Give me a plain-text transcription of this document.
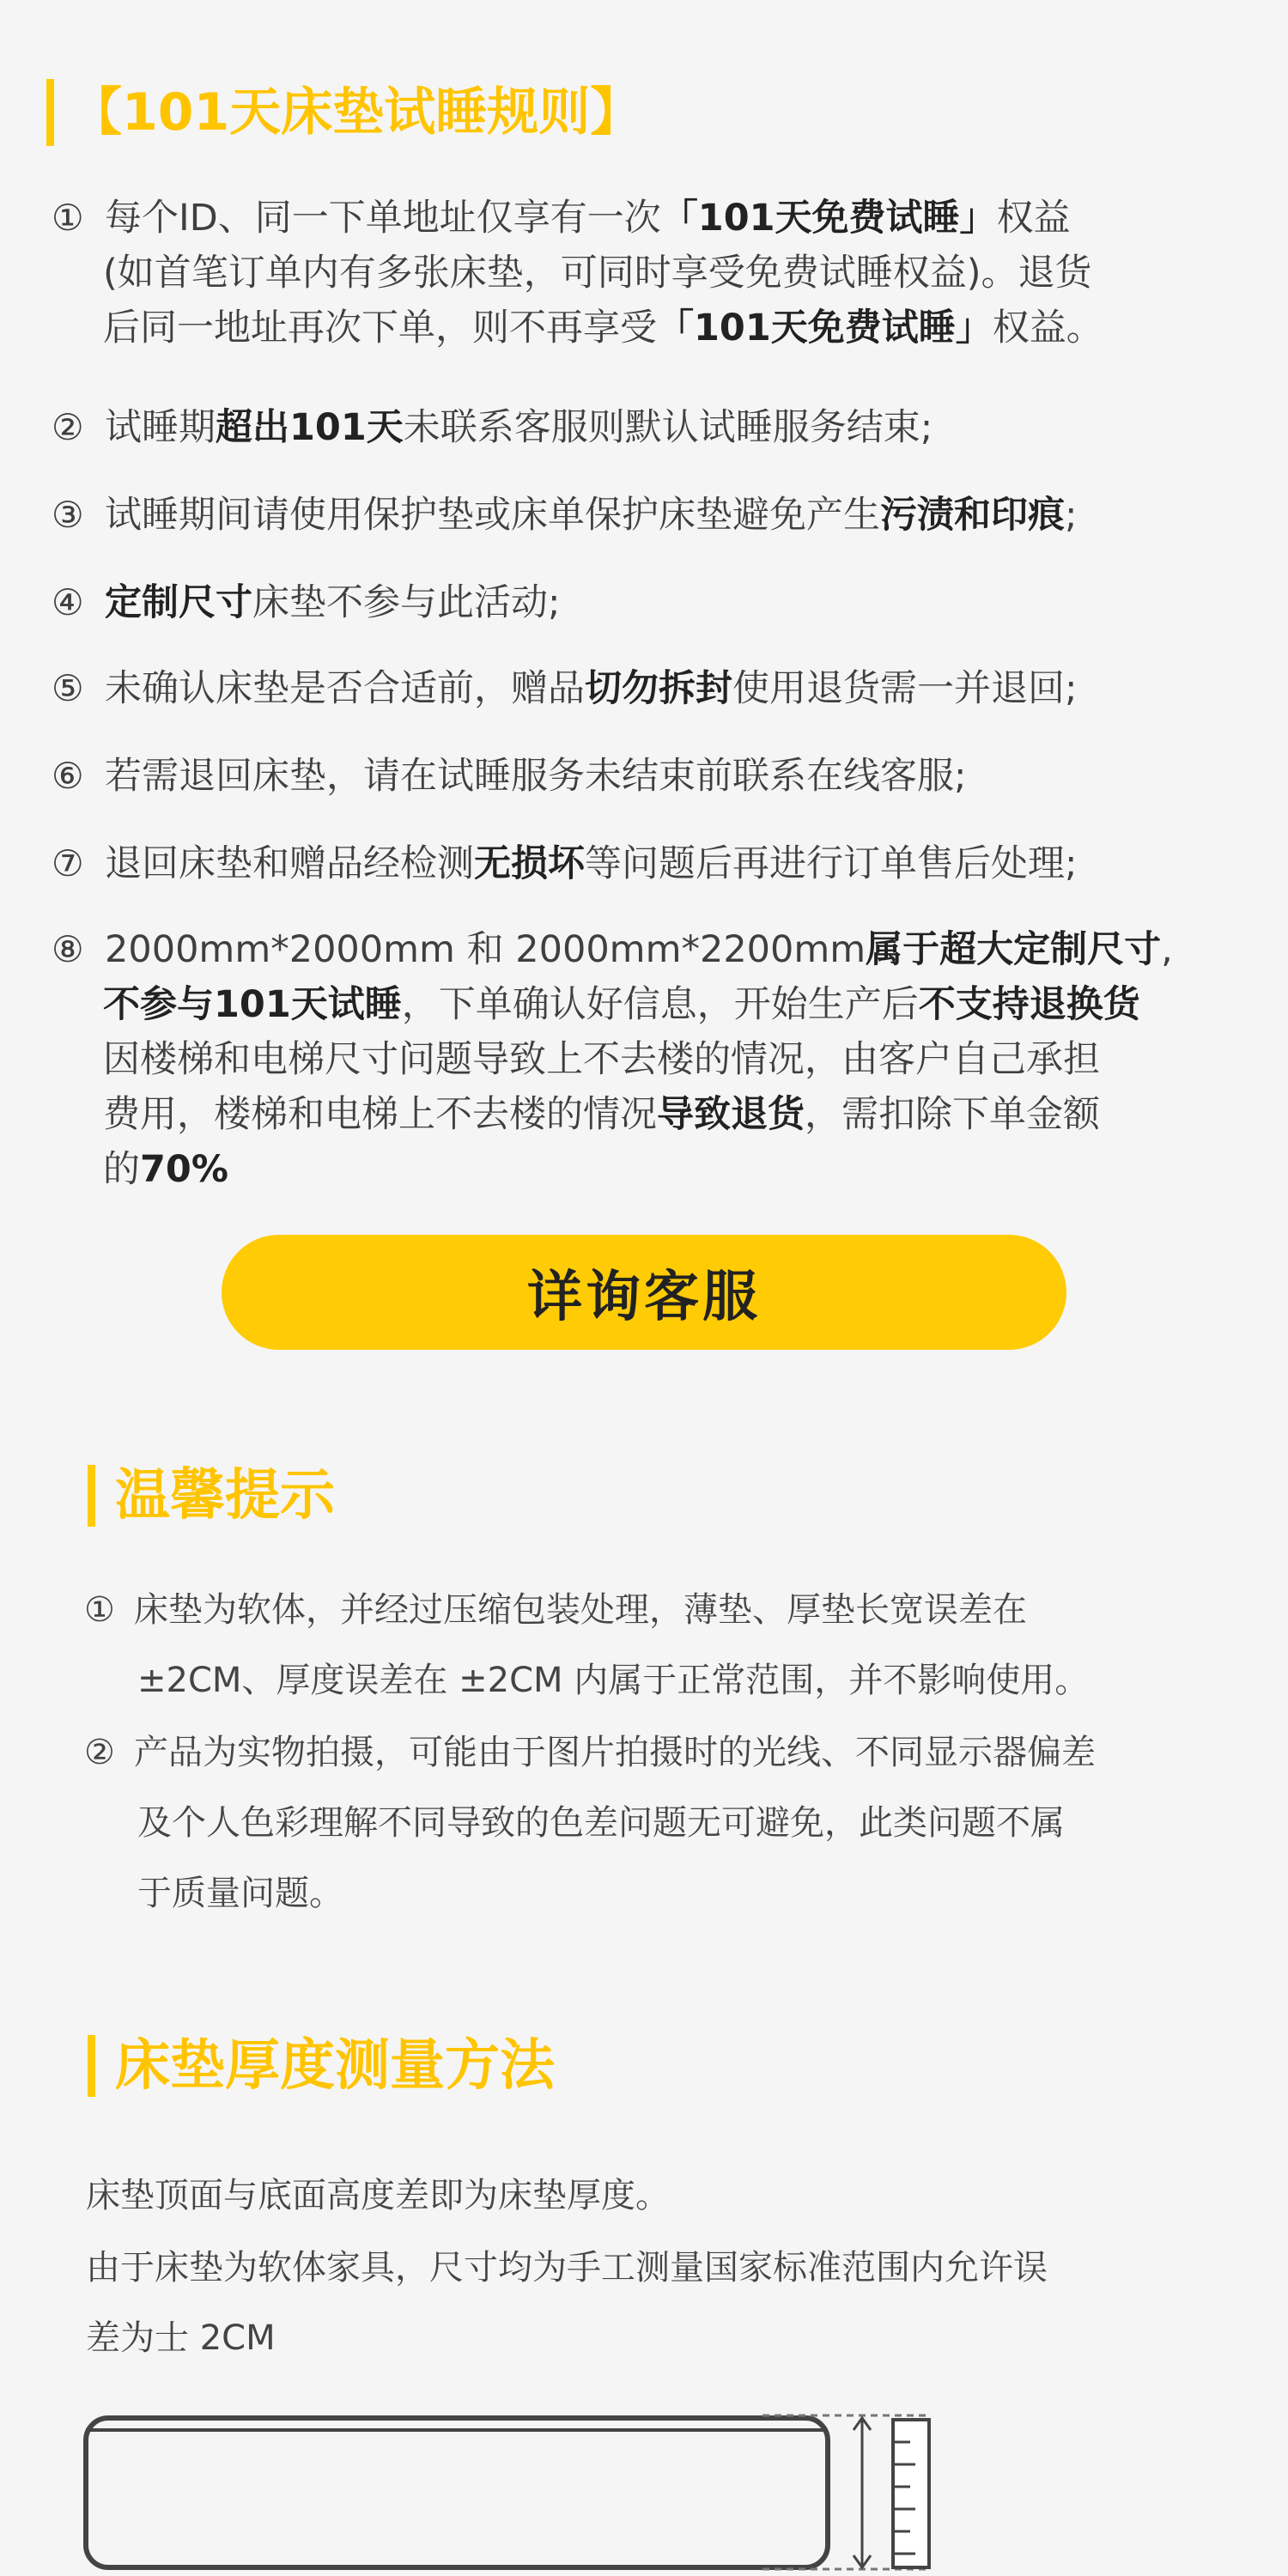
【101天床垫试睡规则】
① 每个ID、同一下单地址仅享有一次「101天免费试睡」权益
(如首笔订单内有多张床垫，可同时享受免费试睡权益)。退货
后同一地址再次下单，则不再享受「101天免费试睡」权益。
② 试睡期超出101天未联系客服则默认试睡服务结束;
③ 试睡期间请使用保护垫或床单保护床垫避免产生污渍和印痕;
④ 定制尺寸床垫不参与此活动;
⑤ 未确认床垫是否合适前，赠品切勿拆封使用退货需一并退回;
⑥ 若需退回床垫，请在试睡服务未结束前联系在线客服;
⑦ 退回床垫和赠品经检测无损坏等问题后再进行订单售后处理;
⑧ 2000mm*2000mm 和 2000mm*2200mm属于超大定制尺寸,
不参与101天试睡，下单确认好信息，开始生产后不支持退换货
因楼梯和电梯尺寸问题导致上不去楼的情况，由客户自己承担
费用，楼梯和电梯上不去楼的情况导致退货，需扣除下单金额
的70%
详询客服
温馨提示
① 床垫为软体，并经过压缩包装处理，薄垫、厚垫长宽误差在
±2CM、厚度误差在 ±2CM 内属于正常范围，并不影响使用。
② 产品为实物拍摄，可能由于图片拍摄时的光线、不同显示器偏差
及个人色彩理解不同导致的色差问题无可避免，此类问题不属
于质量问题。
床垫厚度测量方法
床垫顶面与底面高度差即为床垫厚度。
由于床垫为软体家具，尺寸均为手工测量国家标准范围内允许误
差为士 2CM
